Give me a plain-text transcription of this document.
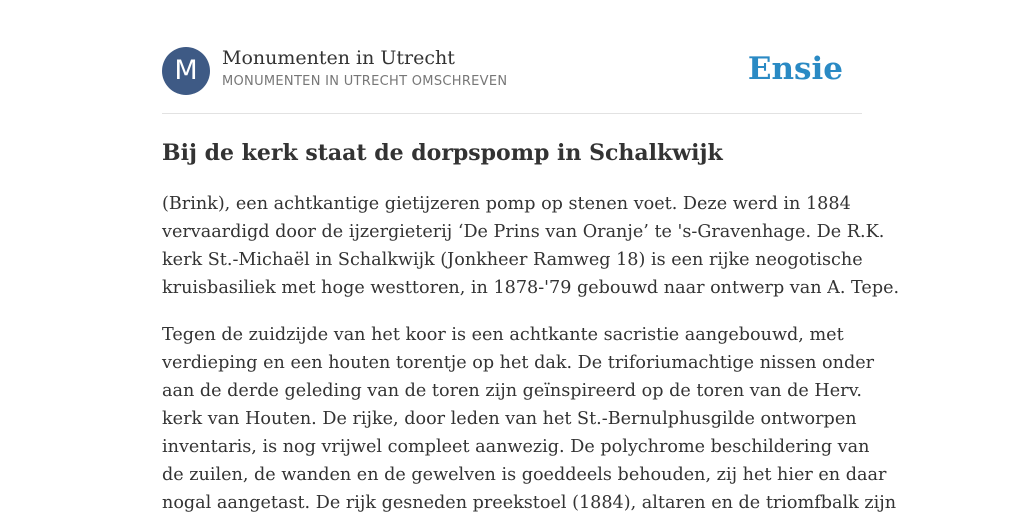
M	Monumenten in Utrecht
MONUMENTEN IN UTRECHT OMSCHREVEN	Ensie
Bij de kerk staat de dorpspomp in Schalkwijk

(Brink), een achtkantige gietijzeren pomp op stenen voet. Deze werd in 1884
vervaardigd door de ijzergieterij ‘De Prins van Oranje’ te 's-Gravenhage. De R.K.
kerk St.-Michaël in Schalkwijk (Jonkheer Ramweg 18) is een rijke neogotische
kruisbasiliek met hoge westtoren, in 1878-'79 gebouwd naar ontwerp van A. Tepe.

Tegen de zuidzijde van het koor is een achtkante sacristie aangebouwd, met
verdieping en een houten torentje op het dak. De triforiumachtige nissen onder
aan de derde geleding van de toren zijn geïnspireerd op de toren van de Herv.
kerk van Houten. De rijke, door leden van het St.-Bernulphusgilde ontworpen
inventaris, is nog vrijwel compleet aanwezig. De polychrome beschildering van
de zuilen, de wanden en de gewelven is goeddeels behouden, zij het hier en daar
nogal aangetast. De rijk gesneden preekstoel (1884), altaren en de triomfbalk zijn
